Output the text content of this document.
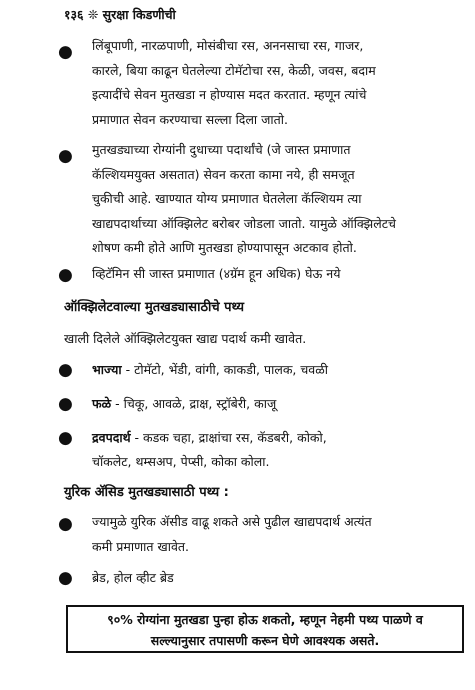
१३६ ❊ सुरक्षा किडणीची
● लिंबूपाणी, नारळपाणी, मोसंबीचा रस, अननसाचा रस, गाजर,
कारले, बिया काढून घेतलेल्या टोमॅटोचा रस, केळी, जवस, बदाम
इत्यादींचे सेवन मुतखडा न होण्यास मदत करतात. म्हणून त्यांचे
प्रमाणात सेवन करण्याचा सल्ला दिला जातो.
● मुतखड्याच्या रोग्यांनी दुधाच्या पदार्थांचे (जे जास्त प्रमाणात
कॅल्शियमयुक्त असतात) सेवन करता कामा नये, ही समजूत
चुकीची आहे. खाण्यात योग्य प्रमाणात घेतलेला कॅल्शियम त्या
खाद्यपदार्थाच्या ऑक्झिलेट बरोबर जोडला जातो. यामुळे ऑक्झिलेटचे
शोषण कमी होते आणि मुतखडा होण्यापासून अटकाव होतो.
● व्हिटॅमिन सी जास्त प्रमाणात (४ग्रॅम हून अधिक) घेऊ नये
ऑक्झिलेटवाल्या मुतखड्यासाठीचे पथ्य
खाली दिलेले ऑक्झिलेटयुक्त खाद्य पदार्थ कमी खावेत.
● भाज्या - टोमॅटो, भेंडी, वांगी, काकडी, पालक, चवळी
● फळे - चिकू, आवळे, द्राक्ष, स्ट्रॉबेरी, काजू
● द्रवपदार्थ - कडक चहा, द्राक्षांचा रस, कॅडबरी, कोको,
चॉकलेट, थम्सअप, पेप्सी, कोका कोला.
युरिक ॲसिड मुतखड्यासाठी पथ्य :
● ज्यामुळे युरिक ॲसीड वाढू शकते असे पुढील खाद्यपदार्थ अत्यंत
कमी प्रमाणात खावेत.
● ब्रेड, होल व्हीट ब्रेड
९०% रोग्यांना मुतखडा पुन्हा होऊ शकतो, म्हणून नेहमी पथ्य पाळणे व
सल्ल्यानुसार तपासणी करून घेणे आवश्यक असते.
